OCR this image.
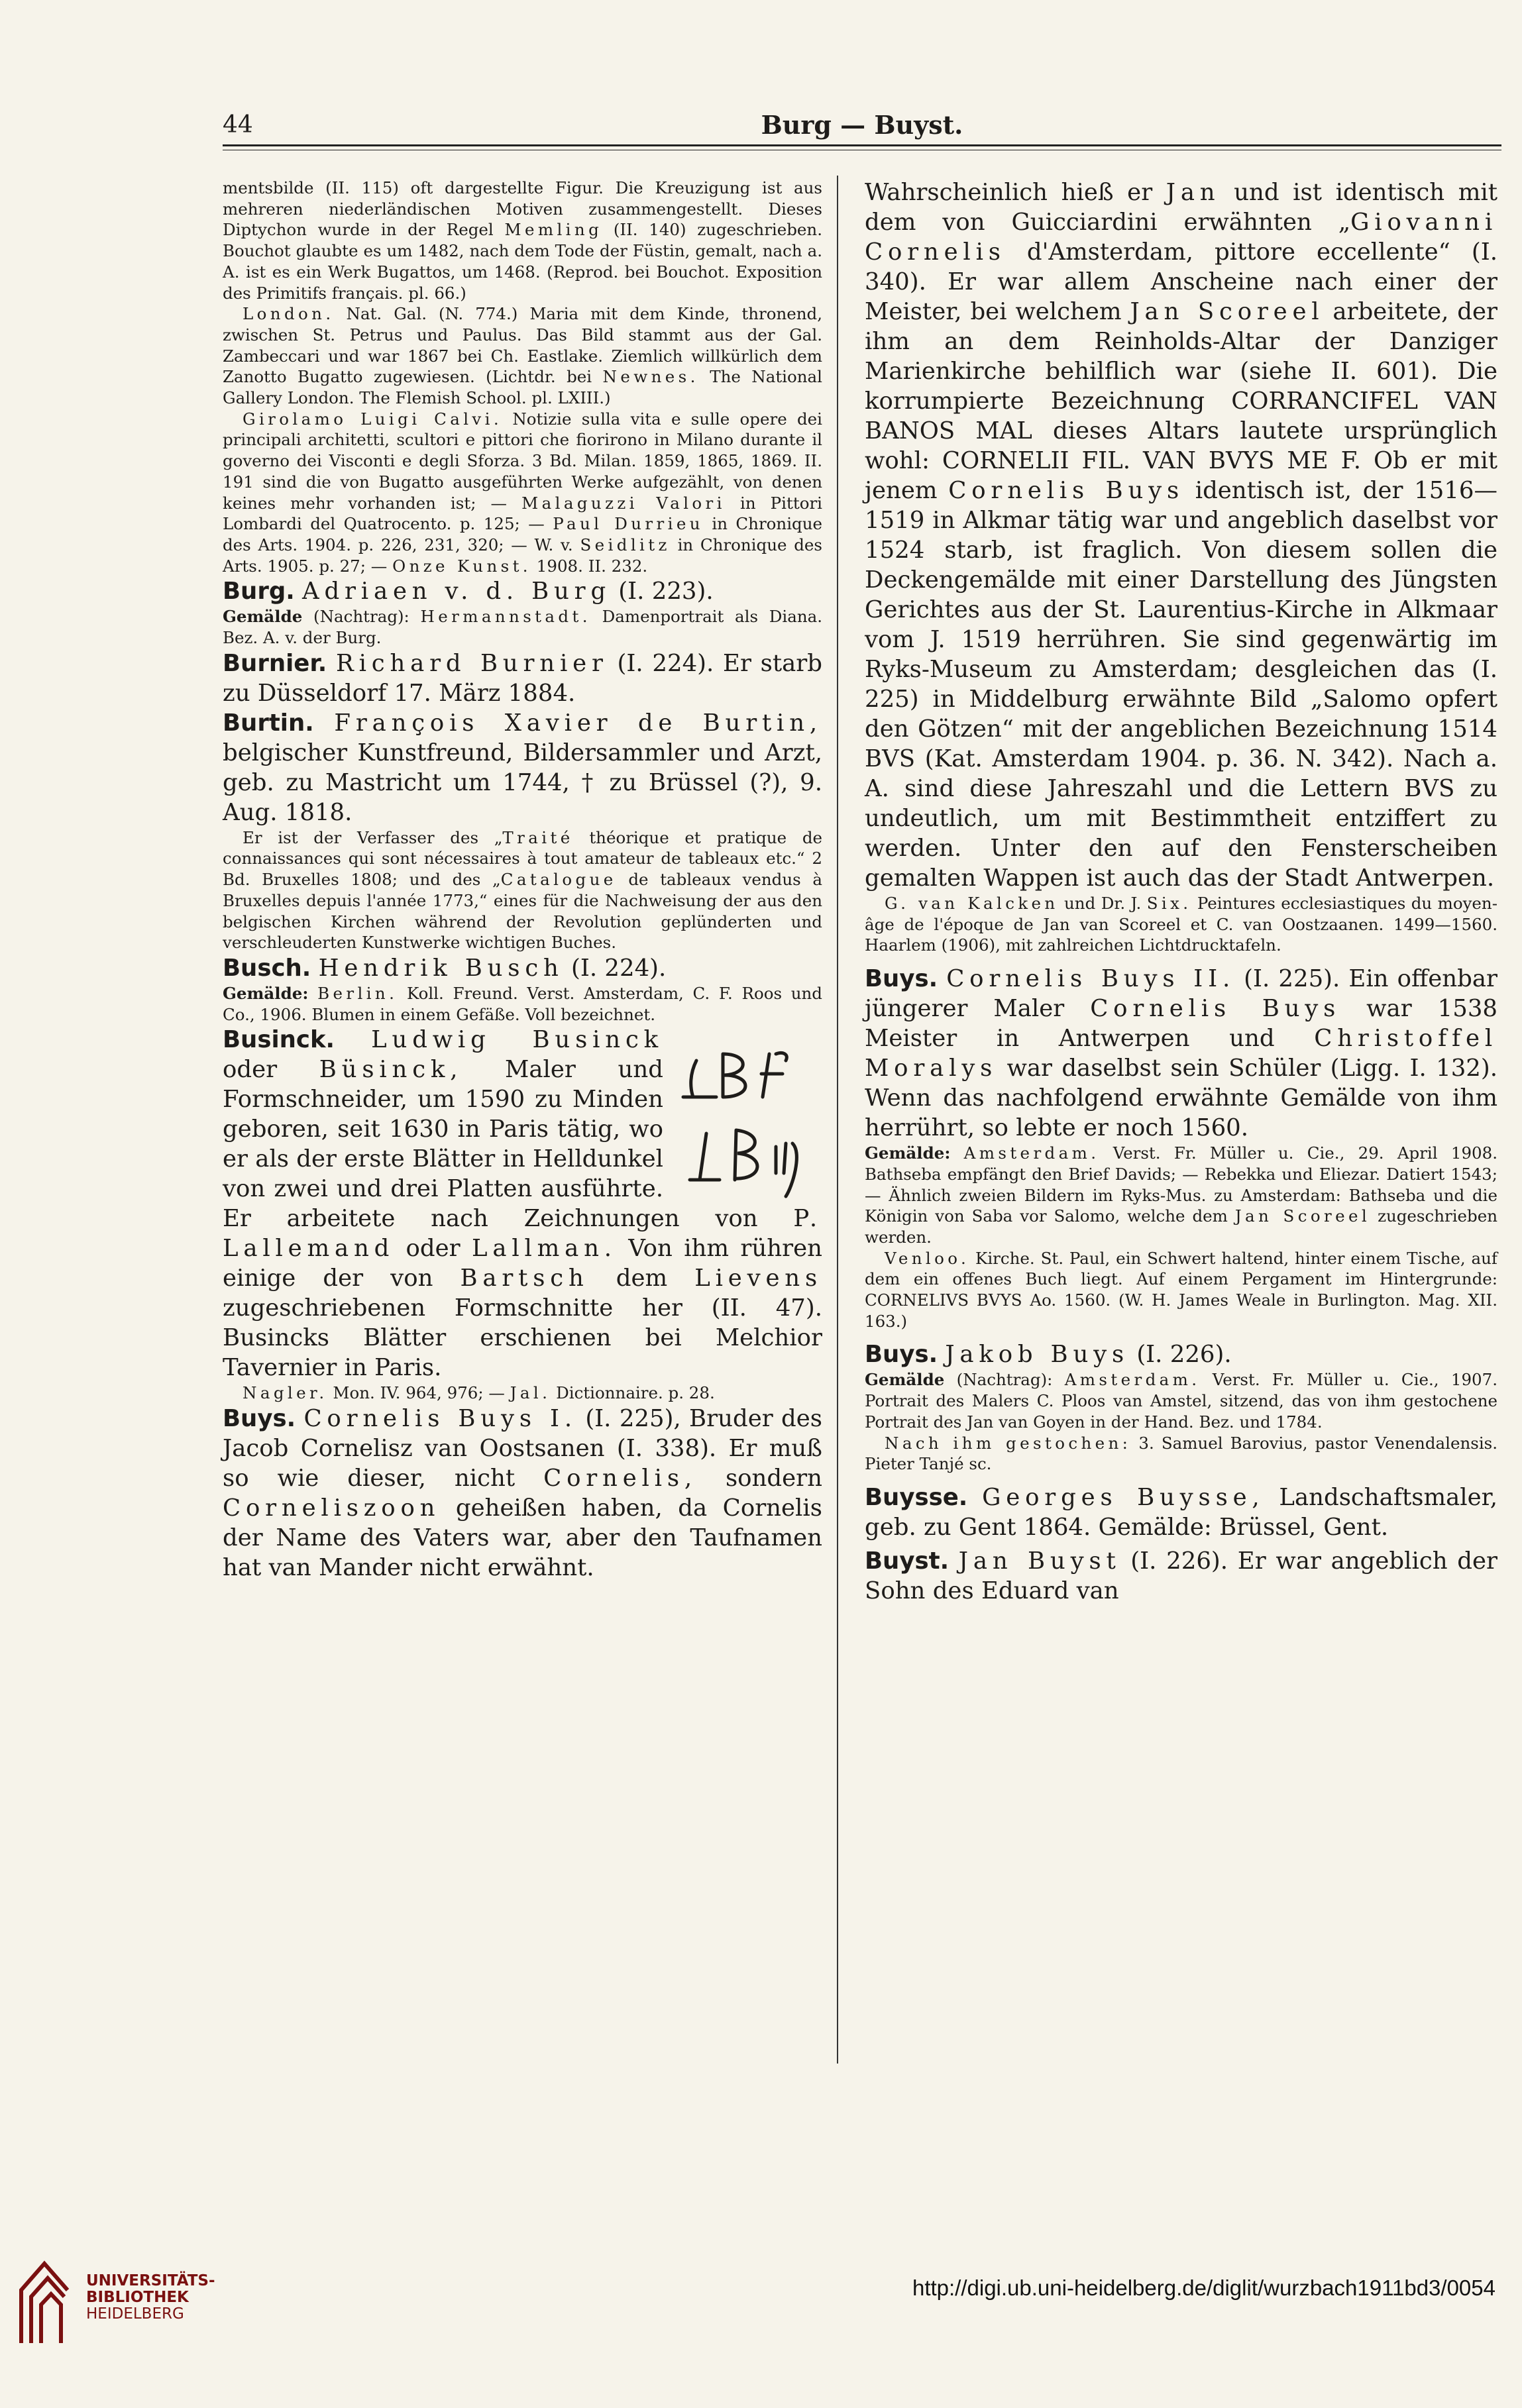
44	Burg — Buyst.

mentsbilde (II. 115) oft dargestellte Figur. Die Kreuzigung ist aus mehreren niederländischen Motiven zusammengestellt. Dieses Diptychon wurde in der Regel Memling (II. 140) zugeschrieben. Bouchot glaubte es um 1482, nach dem Tode der Füstin, gemalt, nach a. A. ist es ein Werk Bugattos, um 1468. (Reprod. bei Bouchot. Exposition des Primitifs français. pl. 66.)

London. Nat. Gal. (N. 774.) Maria mit dem Kinde, thronend, zwischen St. Petrus und Paulus. Das Bild stammt aus der Gal. Zambeccari und war 1867 bei Ch. Eastlake. Ziemlich willkürlich dem Zanotto Bugatto zugewiesen. (Lichtdr. bei Newnes. The National Gallery London. The Flemish School. pl. LXIII.)

Girolamo Luigi Calvi. Notizie sulla vita e sulle opere dei principali architetti, scultori e pittori che fiorirono in Milano durante il governo dei Visconti e degli Sforza. 3 Bd. Milan. 1859, 1865, 1869. II. 191 sind die von Bugatto ausgeführten Werke aufgezählt, von denen keines mehr vorhanden ist; — Malaguzzi Valori in Pittori Lombardi del Quatrocento. p. 125; — Paul Durrieu in Chronique des Arts. 1904. p. 226, 231, 320; — W. v. Seidlitz in Chronique des Arts. 1905. p. 27; — Onze Kunst. 1908. II. 232.

Burg. Adriaen v. d. Burg (I. 223).

Gemälde (Nachtrag): Hermannstadt. Damenportrait als Diana. Bez. A. v. der Burg.

Burnier. Richard Burnier (I. 224). Er starb zu Düsseldorf 17. März 1884.

Burtin. François Xavier de Burtin, belgischer Kunstfreund, Bildersammler und Arzt, geb. zu Mastricht um 1744, † zu Brüssel (?), 9. Aug. 1818.

Er ist der Verfasser des „Traité théorique et pratique de connaissances qui sont nécessaires à tout amateur de tableaux etc.“ 2 Bd. Bruxelles 1808; und des „Catalogue de tableaux vendus à Bruxelles depuis l'année 1773,“ eines für die Nachweisung der aus den belgischen Kirchen während der Revolution geplünderten und verschleuderten Kunstwerke wichtigen Buches.

Busch. Hendrik Busch (I. 224).

Gemälde: Berlin. Koll. Freund. Verst. Amsterdam, C. F. Roos und Co., 1906. Blumen in einem Gefäße. Voll bezeichnet.

Businck. Ludwig Businck oder Büsinck, Maler und Formschneider, um 1590 zu Minden geboren, seit 1630 in Paris tätig, wo er als der erste Blätter in Helldunkel von zwei und drei Platten ausführte. Er arbeitete nach Zeichnungen von P. Lallemand oder Lallman. Von ihm rühren einige der von Bartsch dem Lievens zugeschriebenen Formschnitte her (II. 47). Busincks Blätter erschienen bei Melchior Tavernier in Paris.

Nagler. Mon. IV. 964, 976; — Jal. Dictionnaire. p. 28.

Buys. Cornelis Buys I. (I. 225), Bruder des Jacob Cornelisz van Oostsanen (I. 338). Er muß so wie dieser, nicht Cornelis, sondern Corneliszoon geheißen haben, da Cornelis der Name des Vaters war, aber den Taufnamen hat van Mander nicht erwähnt.

Wahrscheinlich hieß er Jan und ist identisch mit dem von Guicciardini erwähnten „Giovanni Cornelis d'Amsterdam, pittore eccellente“ (I. 340). Er war allem Anscheine nach einer der Meister, bei welchem Jan Scoreel arbeitete, der ihm an dem Reinholds-Altar der Danziger Marienkirche behilflich war (siehe II. 601). Die korrumpierte Bezeichnung CORRANCIFEL VAN BANOS MAL dieses Altars lautete ursprünglich wohl: CORNELII FIL. VAN BVYS ME F. Ob er mit jenem Cornelis Buys identisch ist, der 1516—1519 in Alkmar tätig war und angeblich daselbst vor 1524 starb, ist fraglich. Von diesem sollen die Deckengemälde mit einer Darstellung des Jüngsten Gerichtes aus der St. Laurentius-Kirche in Alkmaar vom J. 1519 herrühren. Sie sind gegenwärtig im Ryks-Museum zu Amsterdam; desgleichen das (I. 225) in Middelburg erwähnte Bild „Salomo opfert den Götzen“ mit der angeblichen Bezeichnung 1514 BVS (Kat. Amsterdam 1904. p. 36. N. 342). Nach a. A. sind diese Jahreszahl und die Lettern BVS zu undeutlich, um mit Bestimmtheit entziffert zu werden. Unter den auf den Fensterscheiben gemalten Wappen ist auch das der Stadt Antwerpen.

G. van Kalcken und Dr. J. Six. Peintures ecclesiastiques du moyen-âge de l'époque de Jan van Scoreel et C. van Oostzaanen. 1499—1560. Haarlem (1906), mit zahlreichen Lichtdrucktafeln.

Buys. Cornelis Buys II. (I. 225). Ein offenbar jüngerer Maler Cornelis Buys war 1538 Meister in Antwerpen und Christoffel Moralys war daselbst sein Schüler (Ligg. I. 132). Wenn das nachfolgend erwähnte Gemälde von ihm herrührt, so lebte er noch 1560.

Gemälde: Amsterdam. Verst. Fr. Müller u. Cie., 29. April 1908. Bathseba empfängt den Brief Davids; — Rebekka und Eliezar. Datiert 1543; — Ähnlich zweien Bildern im Ryks-Mus. zu Amsterdam: Bathseba und die Königin von Saba vor Salomo, welche dem Jan Scoreel zugeschrieben werden.

Venloo. Kirche. St. Paul, ein Schwert haltend, hinter einem Tische, auf dem ein offenes Buch liegt. Auf einem Pergament im Hintergrunde: CORNELIVS BVYS Ao. 1560. (W. H. James Weale in Burlington. Mag. XII. 163.)

Buys. Jakob Buys (I. 226).

Gemälde (Nachtrag): Amsterdam. Verst. Fr. Müller u. Cie., 1907. Portrait des Malers C. Ploos van Amstel, sitzend, das von ihm gestochene Portrait des Jan van Goyen in der Hand. Bez. und 1784.

Nach ihm gestochen: 3. Samuel Barovius, pastor Venendalensis. Pieter Tanjé sc.

Buysse. Georges Buysse, Landschaftsmaler, geb. zu Gent 1864. Gemälde: Brüssel, Gent.

Buyst. Jan Buyst (I. 226). Er war angeblich der Sohn des Eduard van

UNIVERSITÄTS-
BIBLIOTHEK
HEIDELBERG
http://digi.ub.uni-heidelberg.de/diglit/wurzbach1911bd3/0054
